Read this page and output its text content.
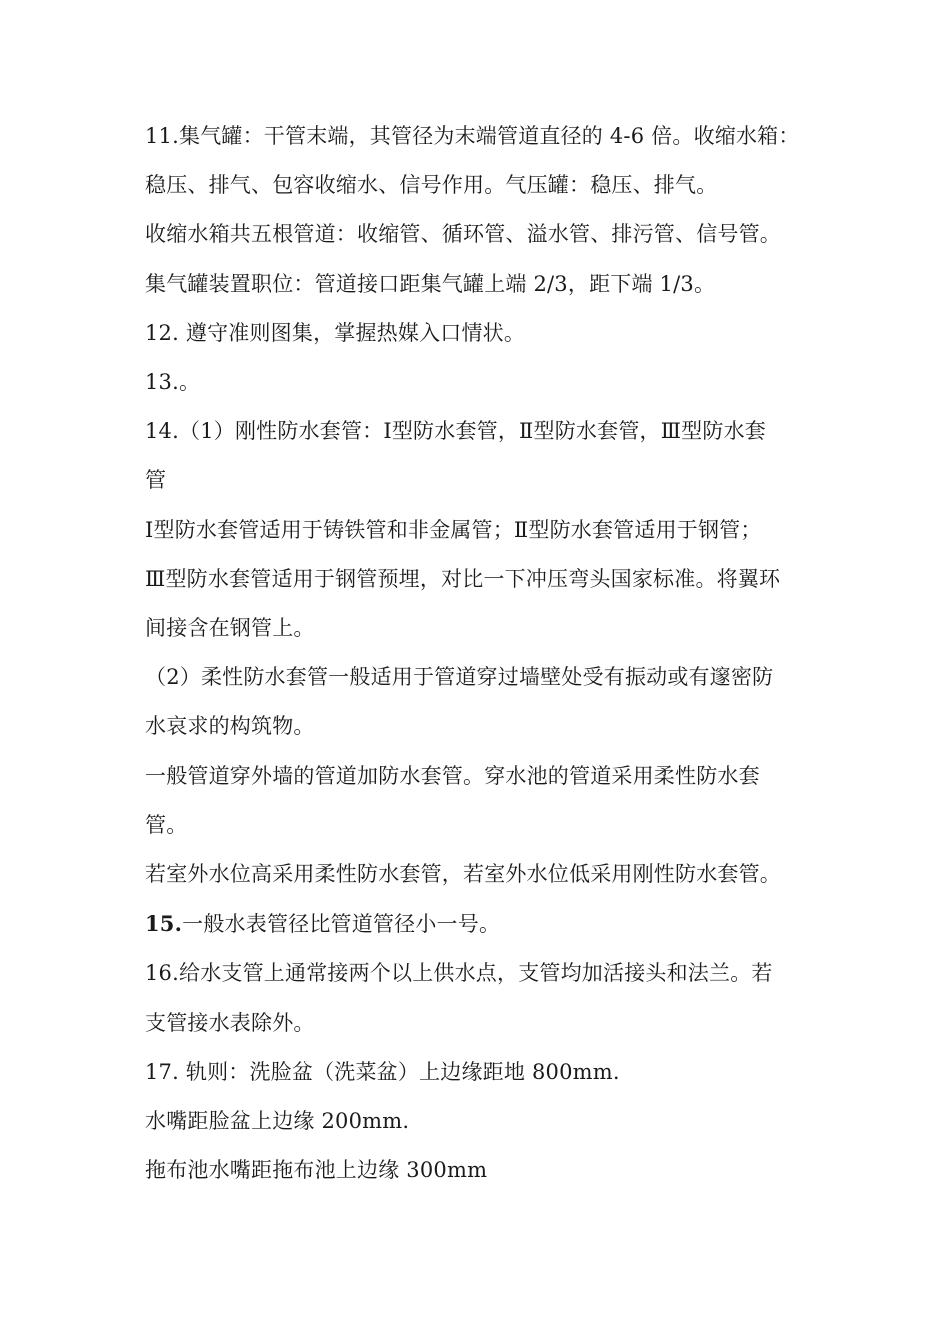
11.集气罐：干管末端，其管径为末端管道直径的 4-6 倍。收缩水箱：
稳压、排气、包容收缩水、信号作用。气压罐：稳压、排气。
收缩水箱共五根管道：收缩管、循环管、溢水管、排污管、信号管。
集气罐装置职位：管道接口距集气罐上端 2/3，距下端 1/3。
12. 遵守准则图集，掌握热媒入口情状。
13.。
14.（1）刚性防水套管：Ⅰ型防水套管，Ⅱ型防水套管，Ⅲ型防水套
管
Ⅰ型防水套管适用于铸铁管和非金属管；Ⅱ型防水套管适用于钢管；
Ⅲ型防水套管适用于钢管预埋，对比一下冲压弯头国家标准。将翼环
间接含在钢管上。
（2）柔性防水套管一般适用于管道穿过墙壁处受有振动或有邃密防
水哀求的构筑物。
一般管道穿外墙的管道加防水套管。穿水池的管道采用柔性防水套
管。
若室外水位高采用柔性防水套管，若室外水位低采用刚性防水套管。
15.一般水表管径比管道管径小一号。
16.给水支管上通常接两个以上供水点，支管均加活接头和法兰。若
支管接水表除外。
17. 轨则：洗脸盆（洗菜盆）上边缘距地 800mm.
水嘴距脸盆上边缘 200mm.
拖布池水嘴距拖布池上边缘 300mm
